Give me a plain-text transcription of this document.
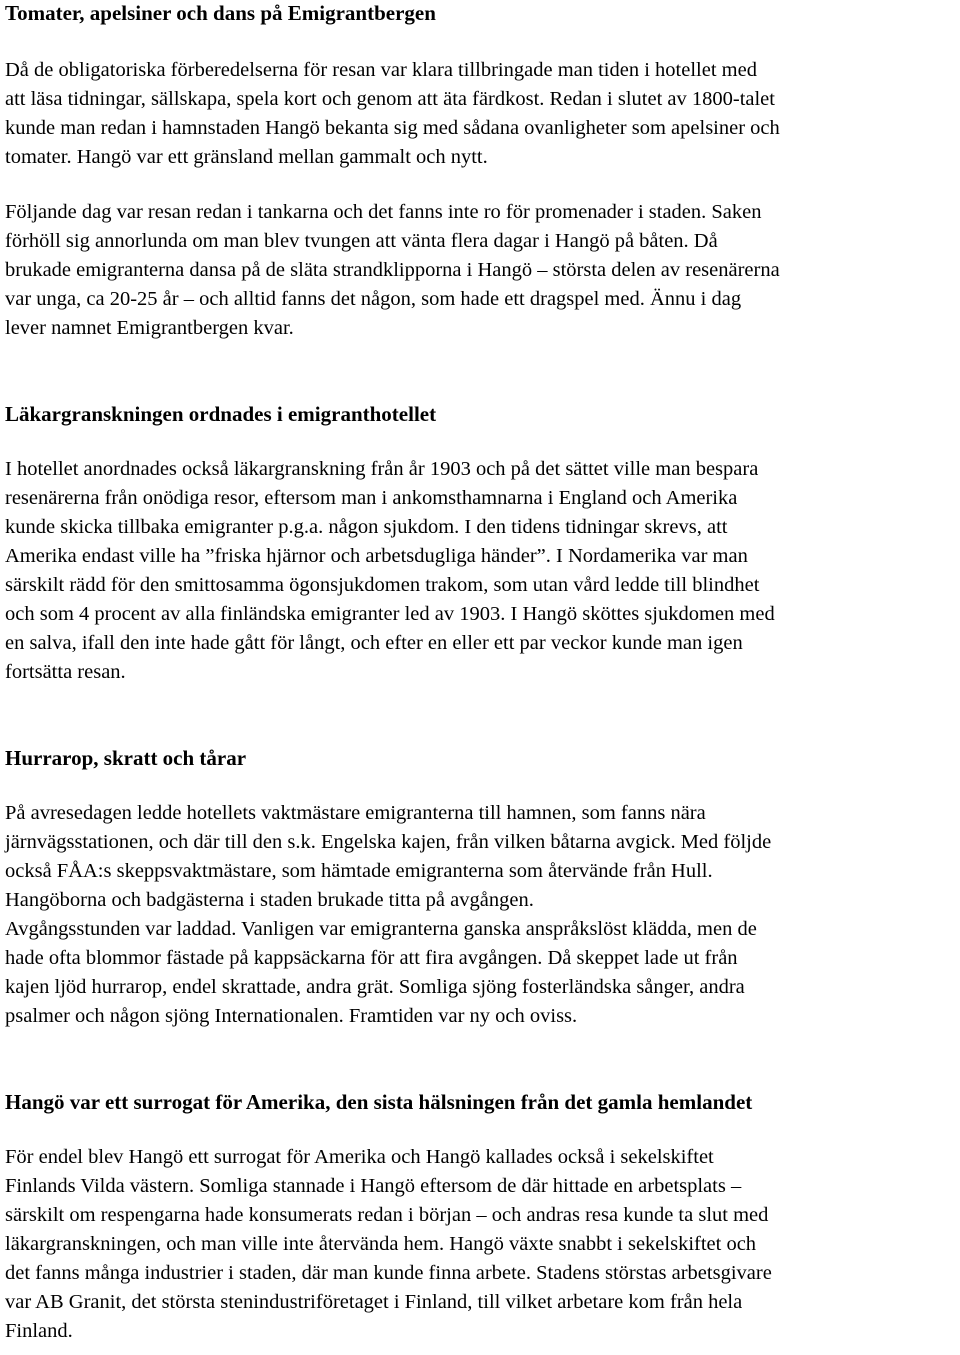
Tomater, apelsiner och dans på Emigrantbergen

Då de obligatoriska förberedelserna för resan var klara tillbringade man tiden i hotellet med
att läsa tidningar, sällskapa, spela kort och genom att äta färdkost. Redan i slutet av 1800-talet
kunde man redan i hamnstaden Hangö bekanta sig med sådana ovanligheter som apelsiner och
tomater. Hangö var ett gränsland mellan gammalt och nytt.

Följande dag var resan redan i tankarna och det fanns inte ro för promenader i staden. Saken
förhöll sig annorlunda om man blev tvungen att vänta flera dagar i Hangö på båten. Då
brukade emigranterna dansa på de släta strandklipporna i Hangö – största delen av resenärerna
var unga, ca 20-25 år – och alltid fanns det någon, som hade ett dragspel med. Ännu i dag
lever namnet Emigrantbergen kvar.

Läkargranskningen ordnades i emigranthotellet

I hotellet anordnades också läkargranskning från år 1903 och på det sättet ville man bespara
resenärerna från onödiga resor, eftersom man i ankomsthamnarna i England och Amerika
kunde skicka tillbaka emigranter p.g.a. någon sjukdom. I den tidens tidningar skrevs, att
Amerika endast ville ha ”friska hjärnor och arbetsdugliga händer”. I Nordamerika var man
särskilt rädd för den smittosamma ögonsjukdomen trakom, som utan vård ledde till blindhet
och som 4 procent av alla finländska emigranter led av 1903. I Hangö sköttes sjukdomen med
en salva, ifall den inte hade gått för långt, och efter en eller ett par veckor kunde man igen
fortsätta resan.

Hurrarop, skratt och tårar

På avresedagen ledde hotellets vaktmästare emigranterna till hamnen, som fanns nära
järnvägsstationen, och där till den s.k. Engelska kajen, från vilken båtarna avgick. Med följde
också FÅA:s skeppsvaktmästare, som hämtade emigranterna som återvände från Hull.
Hangöborna och badgästerna i staden brukade titta på avgången.
Avgångsstunden var laddad. Vanligen var emigranterna ganska anspråkslöst klädda, men de
hade ofta blommor fästade på kappsäckarna för att fira avgången. Då skeppet lade ut från
kajen ljöd hurrarop, endel skrattade, andra grät. Somliga sjöng fosterländska sånger, andra
psalmer och någon sjöng Internationalen. Framtiden var ny och oviss.

Hangö var ett surrogat för Amerika, den sista hälsningen från det gamla hemlandet

För endel blev Hangö ett surrogat för Amerika och Hangö kallades också i sekelskiftet
Finlands Vilda västern. Somliga stannade i Hangö eftersom de där hittade en arbetsplats –
särskilt om respengarna hade konsumerats redan i början – och andras resa kunde ta slut med
läkargranskningen, och man ville inte återvända hem. Hangö växte snabbt i sekelskiftet och
det fanns många industrier i staden, där man kunde finna arbete. Stadens störstas arbetsgivare
var AB Granit, det största stenindustriföretaget i Finland, till vilket arbetare kom från hela
Finland.
